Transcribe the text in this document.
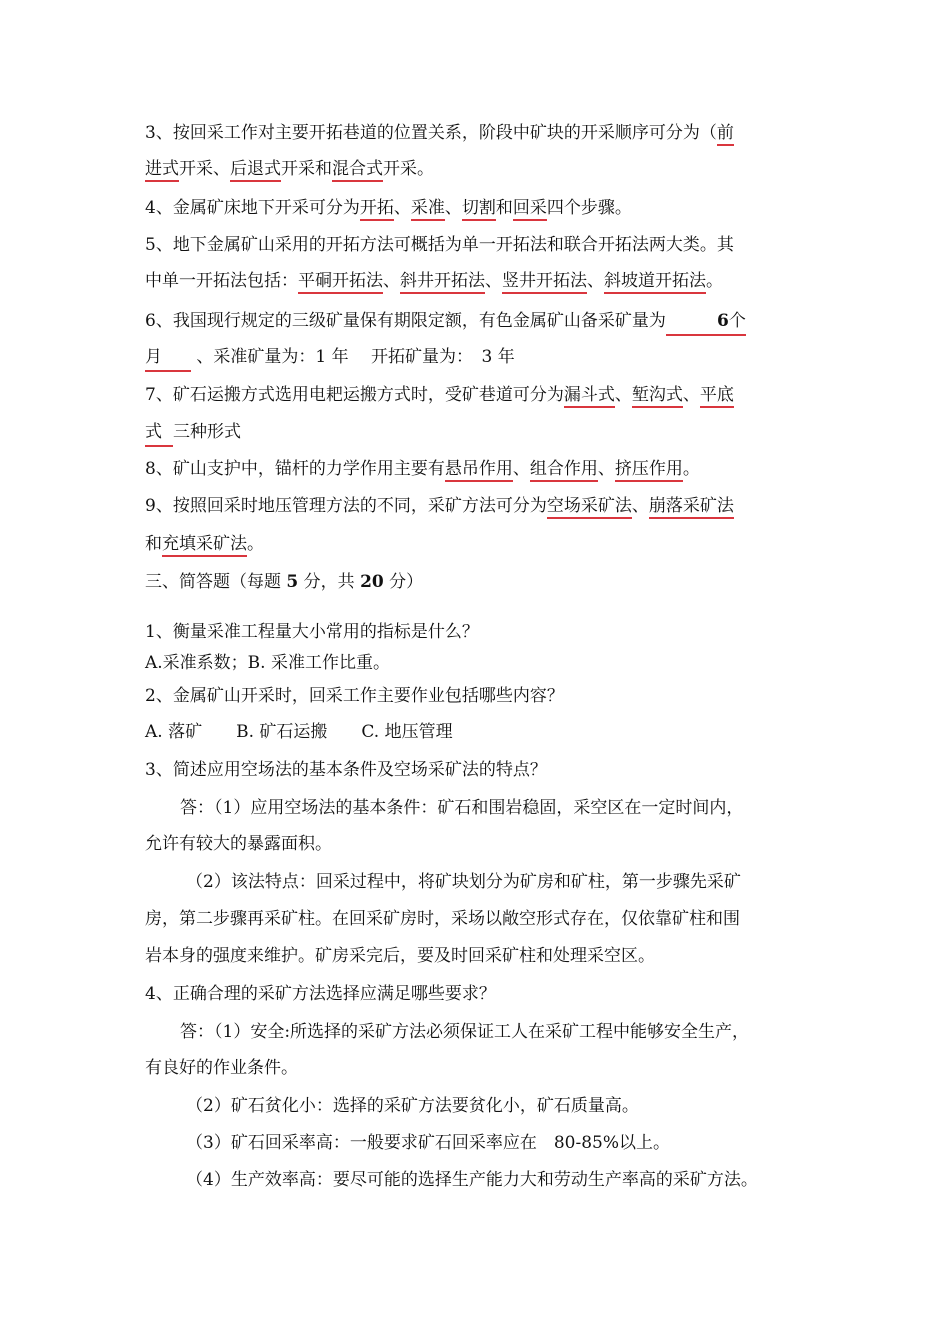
3、按回采工作对主要开拓巷道的位置关系，阶段中矿块的开采顺序可分为（前
进式开采、后退式开采和混合式开采。
4、金属矿床地下开采可分为开拓、采准、切割和回采四个步骤。
5、地下金属矿山采用的开拓方法可概括为单一开拓法和联合开拓法两大类。其
中单一开拓法包括：平硐开拓法、斜井开拓法、竖井开拓法、斜坡道开拓法。
6、我国现行规定的三级矿量保有期限定额，有色金属矿山备采矿量为	6个
月 、采准矿量为：1 年　 开拓矿量为：　3 年
7、矿石运搬方式选用电耙运搬方式时，受矿巷道可分为漏斗式、堑沟式、平底
式 三种形式
8、矿山支护中，锚杆的力学作用主要有悬吊作用、组合作用、挤压作用。
9、按照回采时地压管理方法的不同，采矿方法可分为空场采矿法、崩落采矿法
和充填采矿法。
三、简答题（每题 5 分，共 20 分）
1、衡量采准工程量大小常用的指标是什么？
A.采准系数；B. 采准工作比重。
2、金属矿山开采时，回采工作主要作业包括哪些内容？
A. 落矿　　B. 矿石运搬　　C. 地压管理
3、简述应用空场法的基本条件及空场采矿法的特点？
答：（1）应用空场法的基本条件：矿石和围岩稳固，采空区在一定时间内，
允许有较大的暴露面积。
（2）该法特点：回采过程中，将矿块划分为矿房和矿柱，第一步骤先采矿
房，第二步骤再采矿柱。在回采矿房时，采场以敞空形式存在，仅依靠矿柱和围
岩本身的强度来维护。矿房采完后，要及时回采矿柱和处理采空区。
4、正确合理的采矿方法选择应满足哪些要求？
答：（1）安全:所选择的采矿方法必须保证工人在采矿工程中能够安全生产，
有良好的作业条件。
（2）矿石贫化小：选择的采矿方法要贫化小，矿石质量高。
（3）矿石回采率高：一般要求矿石回采率应在　80-85%以上。
（4）生产效率高：要尽可能的选择生产能力大和劳动生产率高的采矿方法。
